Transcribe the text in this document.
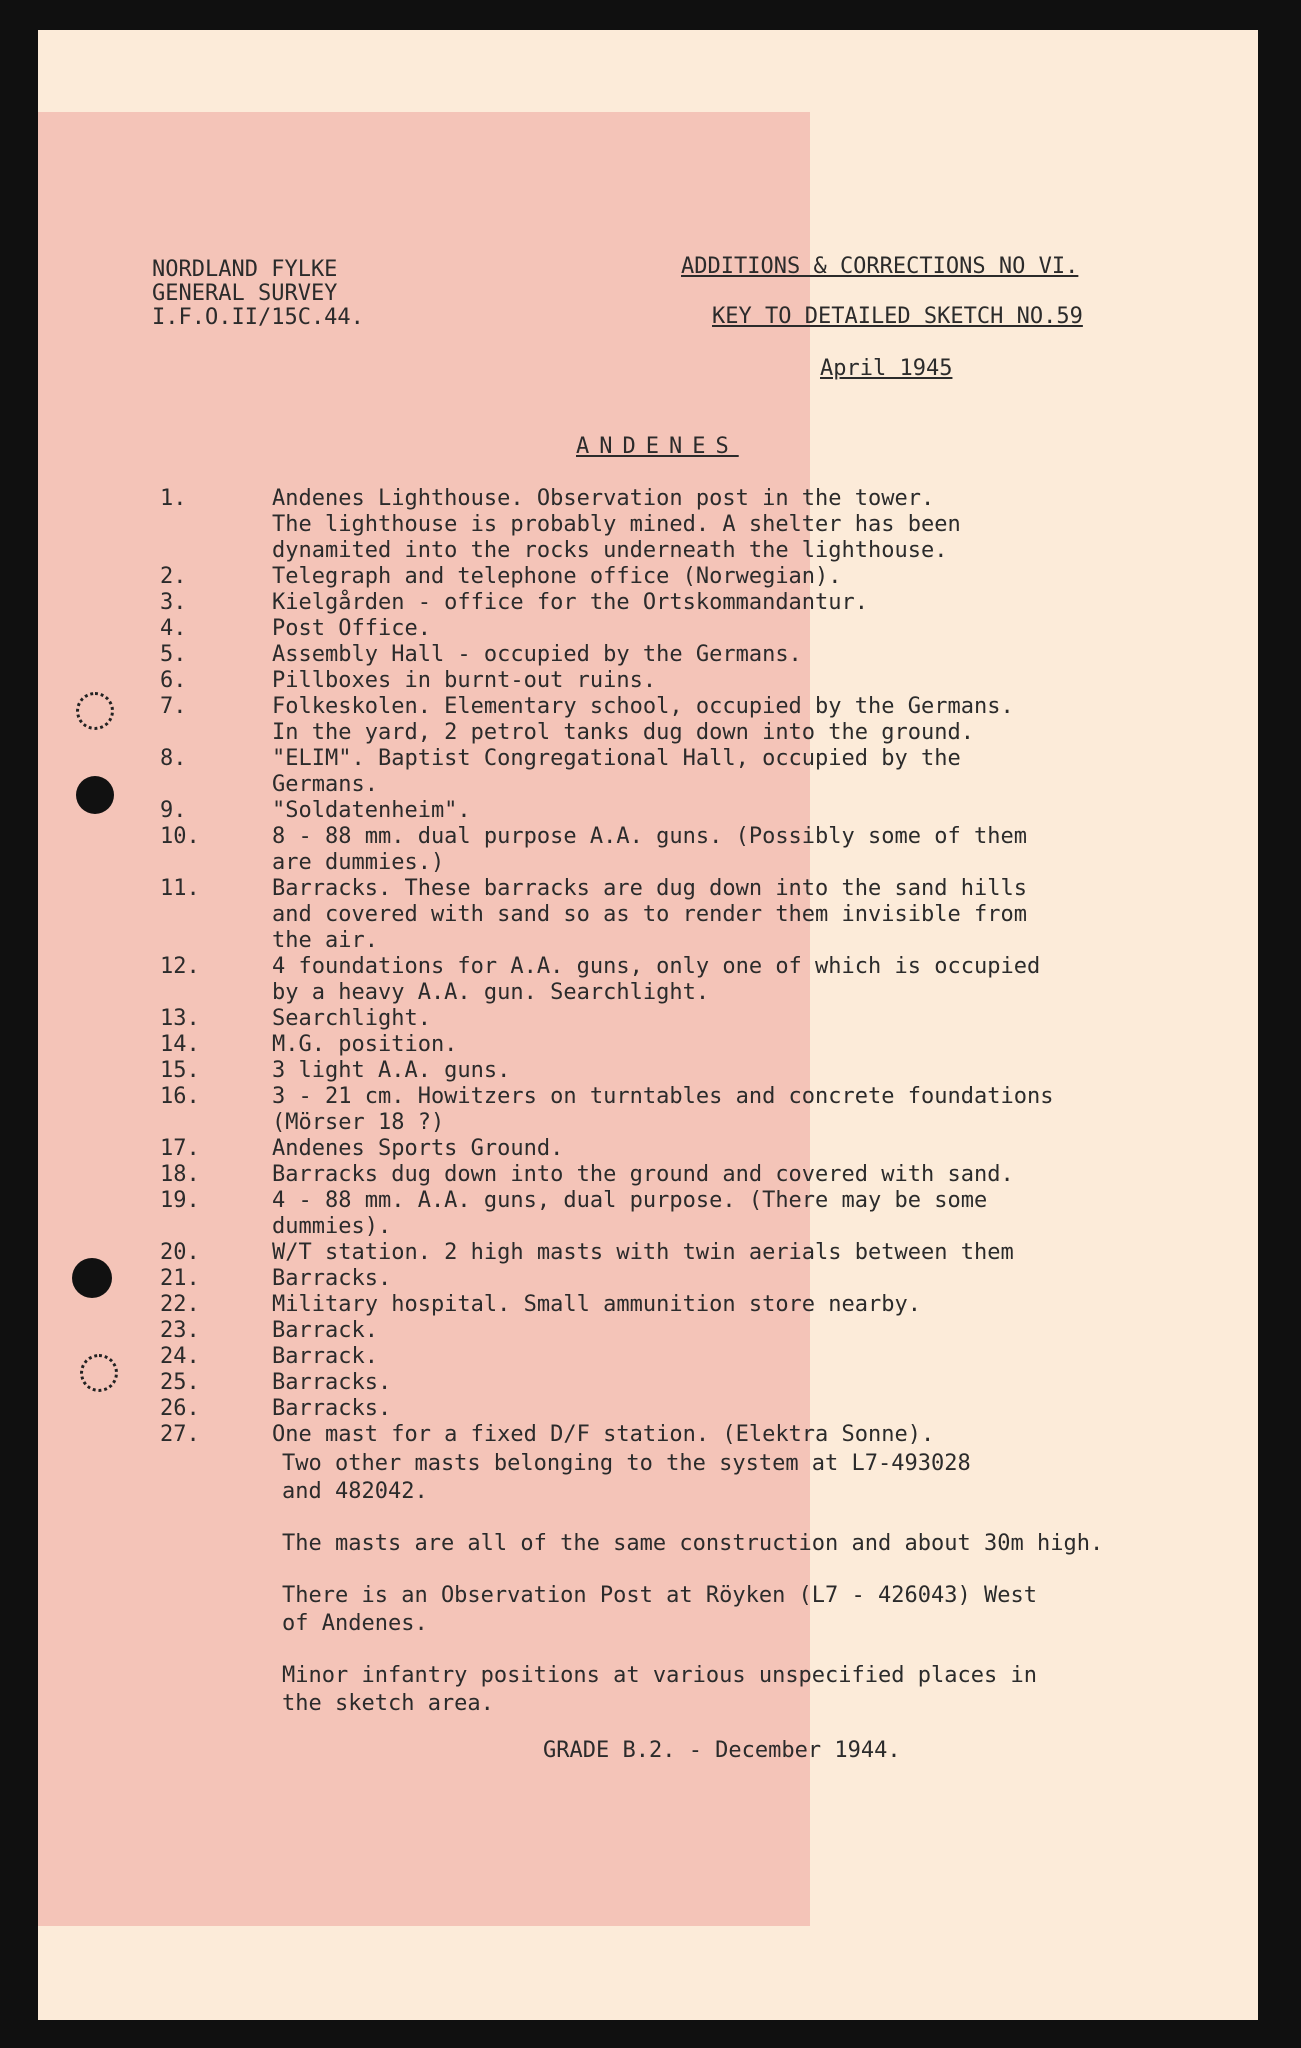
NORDLAND FYLKE
GENERAL SURVEY
I.F.O.II/15C.44.
ADDITIONS & CORRECTIONS NO VI.
KEY TO DETAILED SKETCH NO.59
April 1945
ANDENES
1.	Andenes Lighthouse. Observation post in the tower.
The lighthouse is probably mined. A shelter has been
dynamited into the rocks underneath the lighthouse.
2.	Telegraph and telephone office (Norwegian).
3.	Kielgården - office for the Ortskommandantur.
4.	Post Office.
5.	Assembly Hall - occupied by the Germans.
6.	Pillboxes in burnt-out ruins.
7.	Folkeskolen. Elementary school, occupied by the Germans.
In the yard, 2 petrol tanks dug down into the ground.
8.	"ELIM". Baptist Congregational Hall, occupied by the
Germans.
9.	"Soldatenheim".
10.	8 - 88 mm. dual purpose A.A. guns. (Possibly some of them
are dummies.)
11.	Barracks. These barracks are dug down into the sand hills
and covered with sand so as to render them invisible from
the air.
12.	4 foundations for A.A. guns, only one of which is occupied
by a heavy A.A. gun. Searchlight.
13.	Searchlight.
14.	M.G. position.
15.	3 light A.A. guns.
16.	3 - 21 cm. Howitzers on turntables and concrete foundations
(Mörser 18 ?)
17.	Andenes Sports Ground.
18.	Barracks dug down into the ground and covered with sand.
19.	4 - 88 mm. A.A. guns, dual purpose. (There may be some
dummies).
20.	W/T station. 2 high masts with twin aerials between them
21.	Barracks.
22.	Military hospital. Small ammunition store nearby.
23.	Barrack.
24.	Barrack.
25.	Barracks.
26.	Barracks.
27.	One mast for a fixed D/F station. (Elektra Sonne).
Two other masts belonging to the system at L7-493028
and 482042.
The masts are all of the same construction and about 30m high.
There is an Observation Post at Röyken (L7 - 426043) West
of Andenes.
Minor infantry positions at various unspecified places in
the sketch area.
GRADE B.2. - December 1944.
